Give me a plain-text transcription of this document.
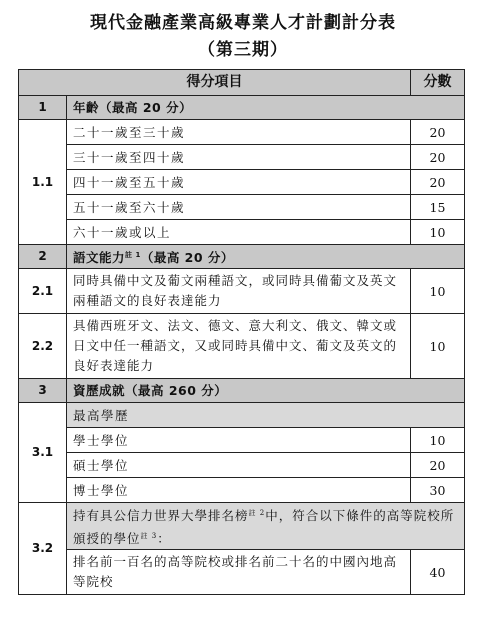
現代金融產業高級專業人才計劃計分表
（第三期）
得分項目		分數
1	年齡（最高 20 分）	
1.1	二十一歲至三十歲	20
	三十一歲至四十歲	20
	四十一歲至五十歲	20
	五十一歲至六十歲	15
	六十一歲或以上	10
2	語文能力$^{註 1}$（最高 20 分）	
2.1	同時具備中文及葡文兩種語文，或同時具備葡文及英文兩種語文的良好表達能力	10
2.2	具備西班牙文、法文、德文、意大利文、俄文、韓文或日文中任一種語文，又或同時具備中文、葡文及英文的良好表達能力	10
3	資歷成就（最高 260 分）	
3.1	最高學歷	
	學士學位	10
	碩士學位	20
	博士學位	30
3.2	持有具公信力世界大學排名榜$^{註 2}$中，符合以下條件的高等院校所頒授的學位$^{註 3}$：	
	排名前一百名的高等院校或排名前二十名的中國內地高等院校	40
